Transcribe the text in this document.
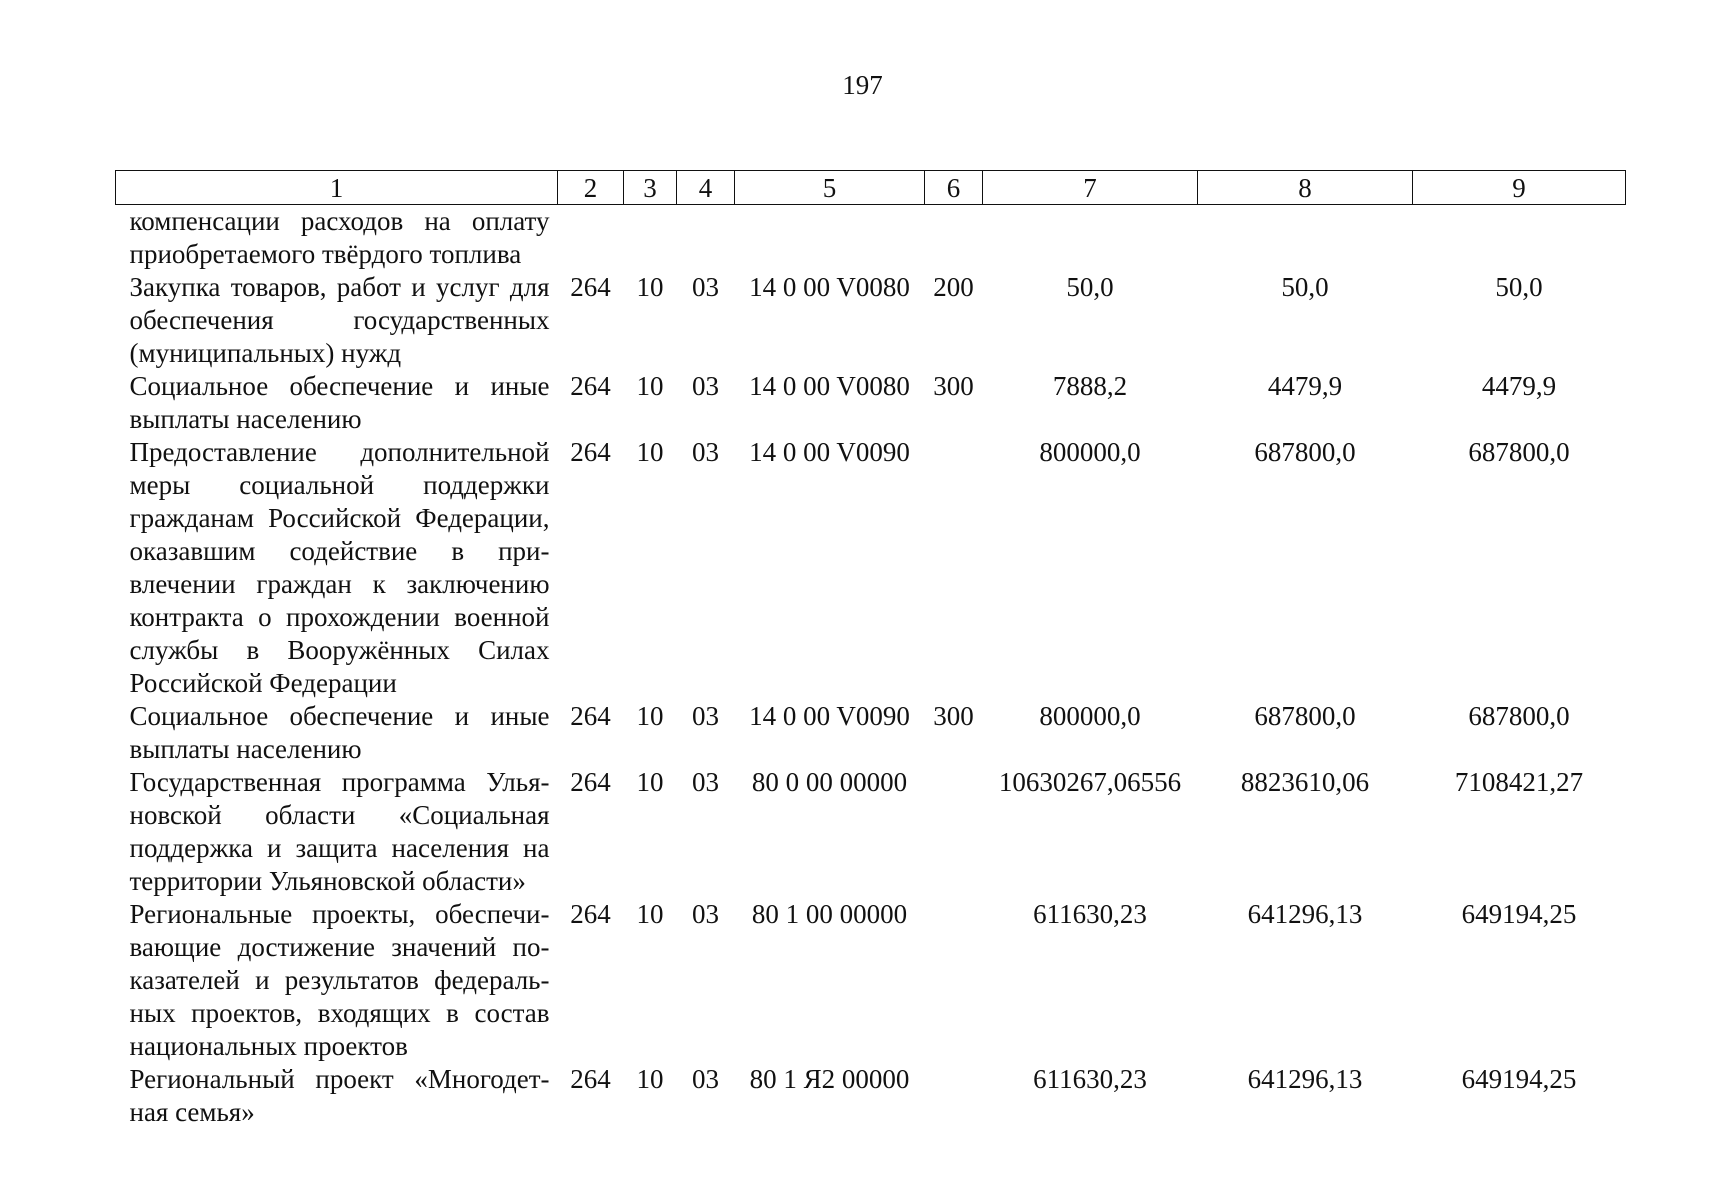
197
1	2	3	4	5	6	7	8	9
компенсации расходов на оплату приобретаемого твёрдого топлива								
Закупка товаров, работ и услуг для обеспечения государственных (муниципальных) нужд	264	10	03	14 0 00 V0080	200	50,0	50,0	50,0
Социальное обеспечение и иные выплаты населению	264	10	03	14 0 00 V0080	300	7888,2	4479,9	4479,9
Предоставление дополнительной меры социальной поддержки гражданам Российской Федерации, оказавшим содействие в привлечении граждан к заключению контракта о прохождении военной службы в Вооружённых Силах Российской Федерации	264	10	03	14 0 00 V0090		800000,0	687800,0	687800,0
Социальное обеспечение и иные выплаты населению	264	10	03	14 0 00 V0090	300	800000,0	687800,0	687800,0
Государственная программа Ульяновской области «Социальная поддержка и защита населения на территории Ульяновской области»	264	10	03	80 0 00 00000		10630267,06556	8823610,06	7108421,27
Региональные проекты, обеспечивающие достижение значений показателей и результатов федеральных проектов, входящих в состав национальных проектов	264	10	03	80 1 00 00000		611630,23	641296,13	649194,25
Региональный проект «Многодетная семья»	264	10	03	80 1 Я2 00000		611630,23	641296,13	649194,25
